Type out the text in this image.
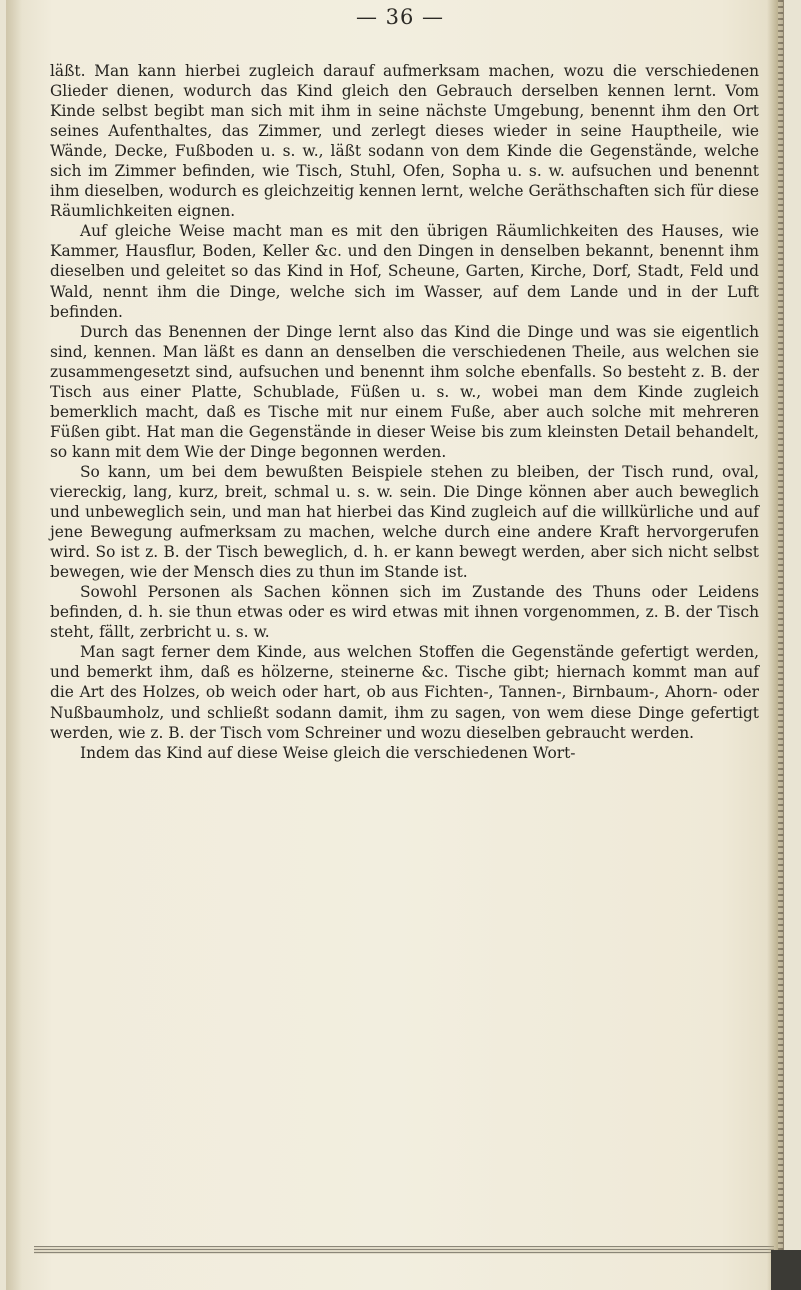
— 36 —

läßt. Man kann hierbei zugleich darauf aufmerksam machen, wozu die verschiedenen Glieder dienen, wodurch das Kind gleich den Gebrauch derselben kennen lernt. Vom Kinde selbst begibt man sich mit ihm in seine nächste Umgebung, benennt ihm den Ort seines Aufenthaltes, das Zimmer, und zerlegt dieses wieder in seine Hauptheile, wie Wände, Decke, Fußboden u. s. w., läßt sodann von dem Kinde die Gegenstände, welche sich im Zimmer befinden, wie Tisch, Stuhl, Ofen, Sopha u. s. w. aufsuchen und benennt ihm dieselben, wodurch es gleichzeitig kennen lernt, welche Geräthschaften sich für diese Räumlichkeiten eignen.

Auf gleiche Weise macht man es mit den übrigen Räumlichkeiten des Hauses, wie Kammer, Hausflur, Boden, Keller &c. und den Dingen in denselben bekannt, benennt ihm dieselben und geleitet so das Kind in Hof, Scheune, Garten, Kirche, Dorf, Stadt, Feld und Wald, nennt ihm die Dinge, welche sich im Wasser, auf dem Lande und in der Luft befinden.

Durch das Benennen der Dinge lernt also das Kind die Dinge und was sie eigentlich sind, kennen. Man läßt es dann an denselben die verschiedenen Theile, aus welchen sie zusammengesetzt sind, aufsuchen und benennt ihm solche ebenfalls. So besteht z. B. der Tisch aus einer Platte, Schublade, Füßen u. s. w., wobei man dem Kinde zugleich bemerklich macht, daß es Tische mit nur einem Fuße, aber auch solche mit mehreren Füßen gibt. Hat man die Gegenstände in dieser Weise bis zum kleinsten Detail behandelt, so kann mit dem Wie der Dinge begonnen werden.

So kann, um bei dem bewußten Beispiele stehen zu bleiben, der Tisch rund, oval, viereckig, lang, kurz, breit, schmal u. s. w. sein. Die Dinge können aber auch beweglich und unbeweglich sein, und man hat hierbei das Kind zugleich auf die willkürliche und auf jene Bewegung aufmerksam zu machen, welche durch eine andere Kraft hervorgerufen wird. So ist z. B. der Tisch beweglich, d. h. er kann bewegt werden, aber sich nicht selbst bewegen, wie der Mensch dies zu thun im Stande ist.

Sowohl Personen als Sachen können sich im Zustande des Thuns oder Leidens befinden, d. h. sie thun etwas oder es wird etwas mit ihnen vorgenommen, z. B. der Tisch steht, fällt, zerbricht u. s. w.

Man sagt ferner dem Kinde, aus welchen Stoffen die Gegenstände gefertigt werden, und bemerkt ihm, daß es hölzerne, steinerne &c. Tische gibt; hiernach kommt man auf die Art des Holzes, ob weich oder hart, ob aus Fichten-, Tannen-, Birnbaum-, Ahorn- oder Nußbaumholz, und schließt sodann damit, ihm zu sagen, von wem diese Dinge gefertigt werden, wie z. B. der Tisch vom Schreiner und wozu dieselben gebraucht werden.

Indem das Kind auf diese Weise gleich die verschiedenen Wort-
